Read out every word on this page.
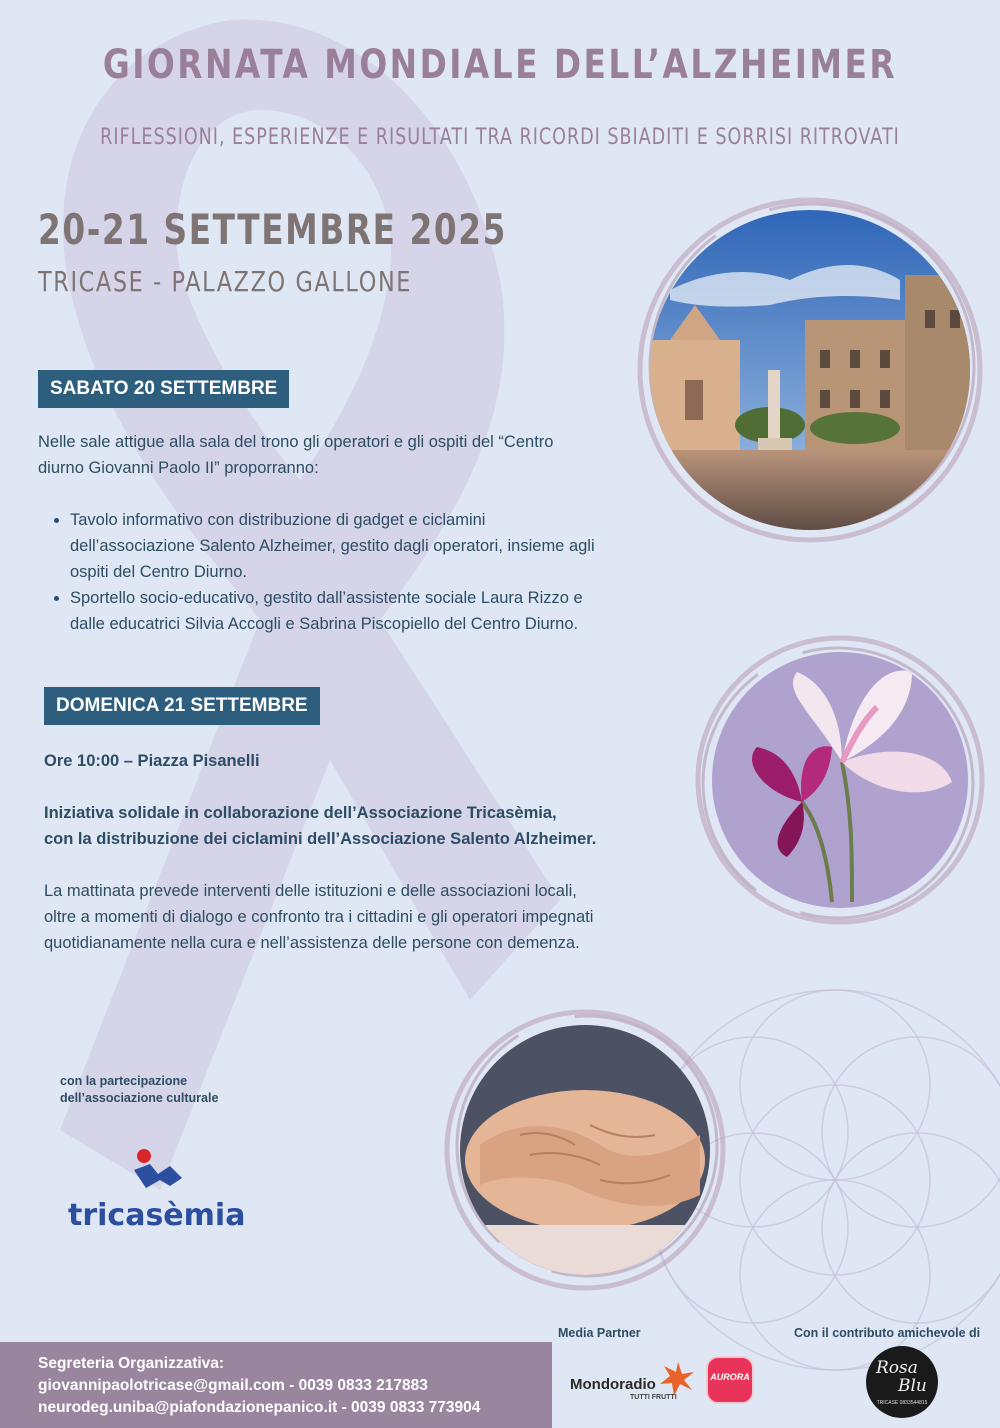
GIORNATA MONDIALE DELL’ALZHEIMER
RIFLESSIONI, ESPERIENZE E RISULTATI TRA RICORDI SBIADITI E SORRISI RITROVATI
20-21 SETTEMBRE 2025
TRICASE - PALAZZO GALLONE
SABATO 20 SETTEMBRE
Nelle sale attigue alla sala del trono gli operatori e gli ospiti del “Centro
diurno Giovanni Paolo II” proporranno:
• Tavolo informativo con distribuzione di gadget e ciclamini
dell’associazione Salento Alzheimer, gestito dagli operatori, insieme agli
ospiti del Centro Diurno.
• Sportello socio-educativo, gestito dall’assistente sociale Laura Rizzo e
dalle educatrici Silvia Accogli e Sabrina Piscopiello del Centro Diurno.
DOMENICA 21 SETTEMBRE
Ore 10:00 – Piazza Pisanelli
Iniziativa solidale in collaborazione dell’Associazione Tricasèmia,
con la distribuzione dei ciclamini dell’Associazione Salento Alzheimer.
La mattinata prevede interventi delle istituzioni e delle associazioni locali,
oltre a momenti di dialogo e confronto tra i cittadini e gli operatori impegnati
quotidianamente nella cura e nell’assistenza delle persone con demenza.
con la partecipazione
dell’associazione culturale
tricasèmia
Media Partner	Con il contributo amichevole di
Mondoradio
TUTTI FRUTTI
AURORA	Rosa
Blu
TRICASE 0833544815
Segreteria Organizzativa:
giovannipaolotricase@gmail.com - 0039 0833 217883
neurodeg.uniba@piafondazionepanico.it - 0039 0833 773904
